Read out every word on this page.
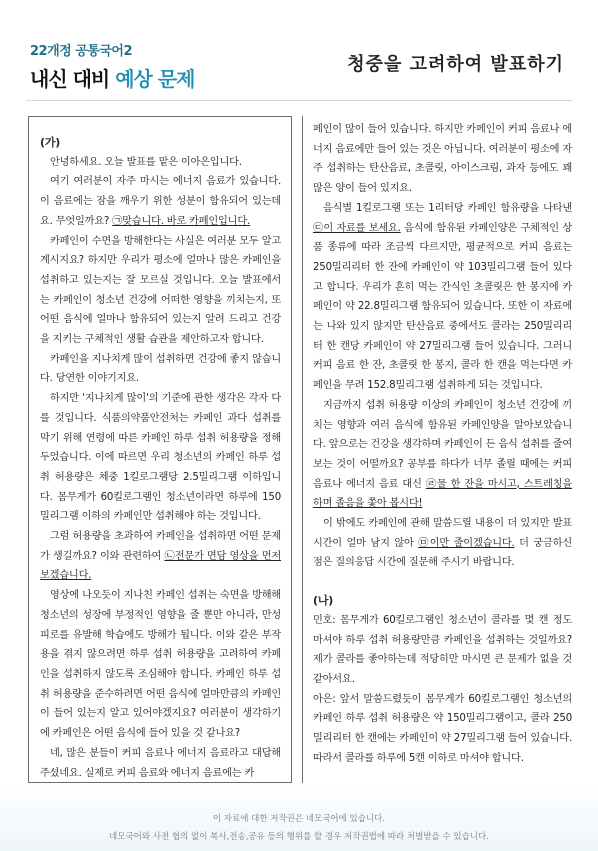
22개정 공통국어2
내신 대비 예상 문제
청중을 고려하여 발표하기
(가)

안녕하세요. 오늘 발표를 맡은 이아은입니다.

여기 여러분이 자주 마시는 에너지 음료가 있습니다. 이 음료에는 잠을 깨우기 위한 성분이 함유되어 있는데요. 무엇일까요? ㉠맞습니다. 바로 카페인입니다.

카페인이 수면을 방해한다는 사실은 여러분 모두 알고 계시지요? 하지만 우리가 평소에 얼마나 많은 카페인을 섭취하고 있는지는 잘 모르실 것입니다. 오늘 발표에서는 카페인이 청소년 건강에 어떠한 영향을 끼치는지, 또 어떤 음식에 얼마나 함유되어 있는지 알려 드리고 건강을 지키는 구체적인 생활 습관을 제안하고자 합니다.

카페인을 지나치게 많이 섭취하면 건강에 좋지 않습니다. 당연한 이야기지요.

하지만 '지나치게 많이'의 기준에 관한 생각은 각자 다를 것입니다. 식품의약품안전처는 카페인 과다 섭취를 막기 위해 연령에 따른 카페인 하루 섭취 허용량을 정해 두었습니다. 이에 따르면 우리 청소년의 카페인 하루 섭취 허용량은 체중 1킬로그램당 2.5밀리그램 이하입니다. 몸무게가 60킬로그램인 청소년이라면 하루에 150밀리그램 이하의 카페인만 섭취해야 하는 것입니다.

그럼 허용량을 초과하여 카페인을 섭취하면 어떤 문제가 생길까요? 이와 관련하여 ㉡전문가 면담 영상을 먼저 보겠습니다.

영상에 나오듯이 지나친 카페인 섭취는 숙면을 방해해 청소년의 성장에 부정적인 영향을 줄 뿐만 아니라, 만성 피로를 유발해 학습에도 방해가 됩니다. 이와 같은 부작용을 겪지 않으려면 하루 섭취 허용량을 고려하여 카페인을 섭취하지 않도록 조심해야 합니다. 카페인 하루 섭취 허용량을 준수하려면 어떤 음식에 얼마만큼의 카페인이 들어 있는지 알고 있어야겠지요? 여러분이 생각하기에 카페인은 어떤 음식에 들어 있을 것 같나요?

네, 많은 분들이 커피 음료나 에너지 음료라고 대답해 주셨네요. 실제로 커피 음료와 에너지 음료에는 카

페인이 많이 들어 있습니다. 하지만 카페인이 커피 음료나 에너지 음료에만 들어 있는 것은 아닙니다. 여러분이 평소에 자주 섭취하는 탄산음료, 초콜릿, 아이스크림, 과자 등에도 꽤 많은 양이 들어 있지요.

음식별 1킬로그램 또는 1리터당 카페인 함유량을 나타낸 ㉢이 자료를 보세요. 음식에 함유된 카페인양은 구체적인 상품 종류에 따라 조금씩 다르지만, 평균적으로 커피 음료는 250밀리리터 한 잔에 카페인이 약 103밀리그램 들어 있다고 합니다. 우리가 흔히 먹는 간식인 초콜릿은 한 봉지에 카페인이 약 22.8밀리그램 함유되어 있습니다. 또한 이 자료에는 나와 있지 않지만 탄산음료 중에서도 콜라는 250밀리리터 한 캔당 카페인이 약 27밀리그램 들어 있습니다. 그러니 커피 음료 한 잔, 초콜릿 한 봉지, 콜라 한 캔을 먹는다면 카페인을 무려 152.8밀리그램 섭취하게 되는 것입니다.

지금까지 섭취 허용량 이상의 카페인이 청소년 건강에 끼치는 영향과 여러 음식에 함유된 카페인양을 알아보았습니다. 앞으로는 건강을 생각하며 카페인이 든 음식 섭취를 줄여 보는 것이 어떨까요? 공부를 하다가 너무 졸릴 때에는 커피 음료나 에너지 음료 대신 ㉣물 한 잔을 마시고, 스트레칭을 하며 졸음을 쫓아 봅시다!

이 밖에도 카페인에 관해 말씀드릴 내용이 더 있지만 발표 시간이 얼마 남지 않아 ㉤이만 줄이겠습니다. 더 궁금하신 점은 질의응답 시간에 질문해 주시기 바랍니다.

(나)

민호: 몸무게가 60킬로그램인 청소년이 콜라를 몇 캔 정도 마셔야 하루 섭취 허용량만큼 카페인을 섭취하는 것일까요? 제가 콜라를 좋아하는데 적당히만 마시면 큰 문제가 없을 것 같아서요.

아은: 앞서 말씀드렸듯이 몸무게가 60킬로그램인 청소년의 카페인 하루 섭취 허용량은 약 150밀리그램이고, 콜라 250밀리리터 한 캔에는 카페인이 약 27밀리그램 들어 있습니다. 따라서 콜라를 하루에 5캔 이하로 마셔야 합니다.

이 자료에 대한 저작권은 네모국어에 있습니다.
네모국어와 사전 협의 없이 복사,전송,공유 등의 행위를 할 경우 저작권법에 따라 처벌받을 수 있습니다.
